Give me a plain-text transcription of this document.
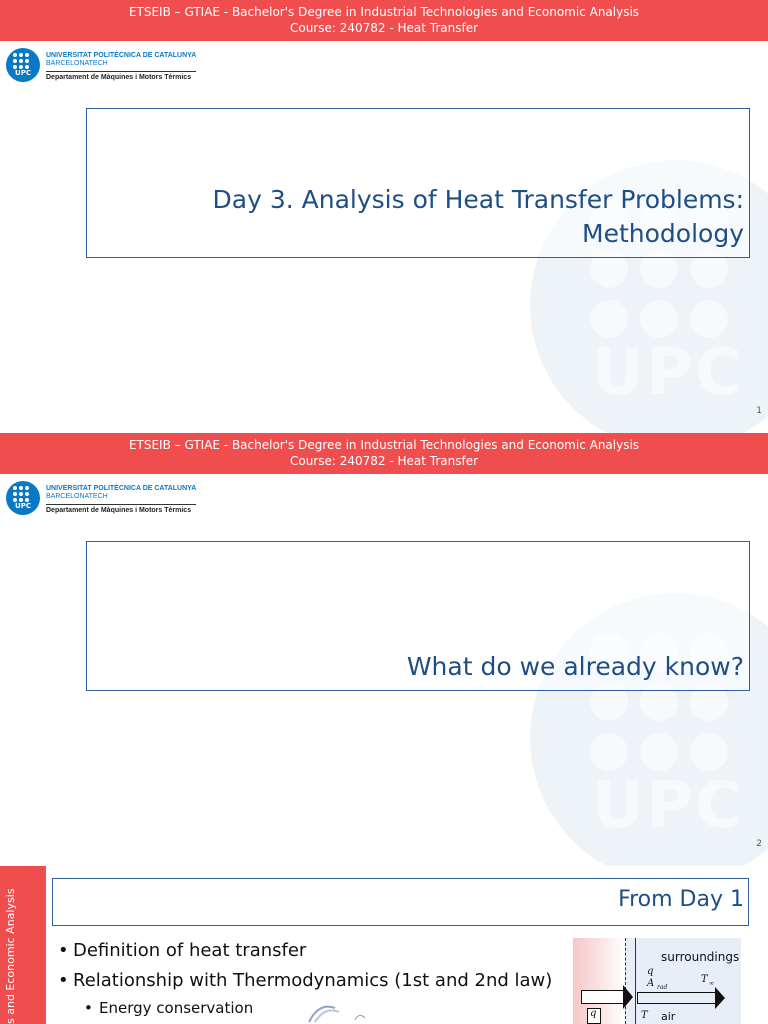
ETSEIB – GTIAE - Bachelor's Degree in Industrial Technologies and Economic Analysis
Course: 240782 - Heat Transfer
UPC
UNIVERSITAT POLITÈCNICA DE CATALUNYA
BARCELONATECH
Departament de Màquines i Motors Tèrmics
UPC
Day 3. Analysis of Heat Transfer Problems:
Methodology
1
ETSEIB – GTIAE - Bachelor's Degree in Industrial Technologies and Economic Analysis
Course: 240782 - Heat Transfer
UPC
UNIVERSITAT POLITÈCNICA DE CATALUNYA
BARCELONATECH
Departament de Màquines i Motors Tèrmics
UPC
What do we already know?
2
s and Economic Analysis	From Day 1
• Definition of heat transfer
• Relationship with Thermodynamics (1st and 2nd law)
• Energy conservation
surroundings
q
A rad
T ∞
q	T air
